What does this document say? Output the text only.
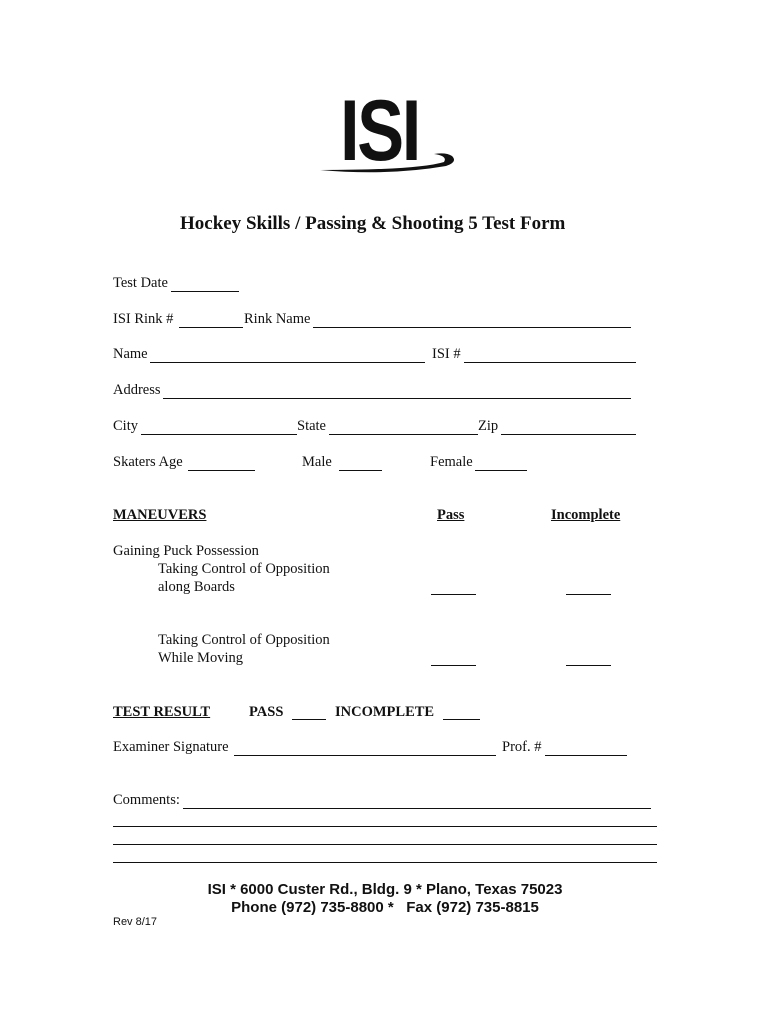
ISI
Hockey Skills / Passing & Shooting 5 Test Form
Test Date
ISI Rink #	Rink Name
Name	ISI #
Address
City	State	Zip
Skaters Age	Male	Female
MANEUVERS	Pass	Incomplete
Gaining Puck Possession
Taking Control of Opposition
along Boards
Taking Control of Opposition
While Moving
TEST RESULT	PASS	INCOMPLETE
Examiner Signature	Prof. #
Comments:
ISI * 6000 Custer Rd., Bldg. 9 * Plano, Texas 75023
Phone (972) 735-8800 * Fax (972) 735-8815
Rev 8/17
